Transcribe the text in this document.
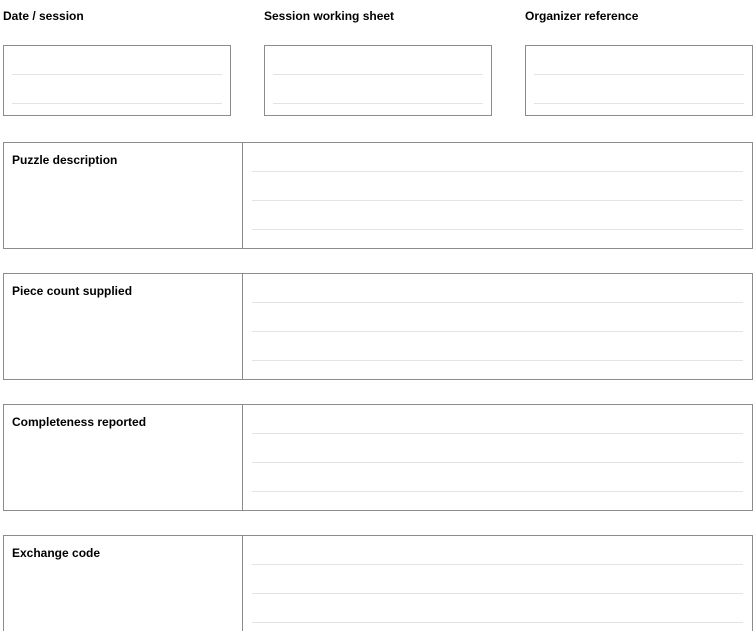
Date / session	Session working sheet	Organizer reference
Puzzle description
Piece count supplied
Completeness reported
Exchange code
